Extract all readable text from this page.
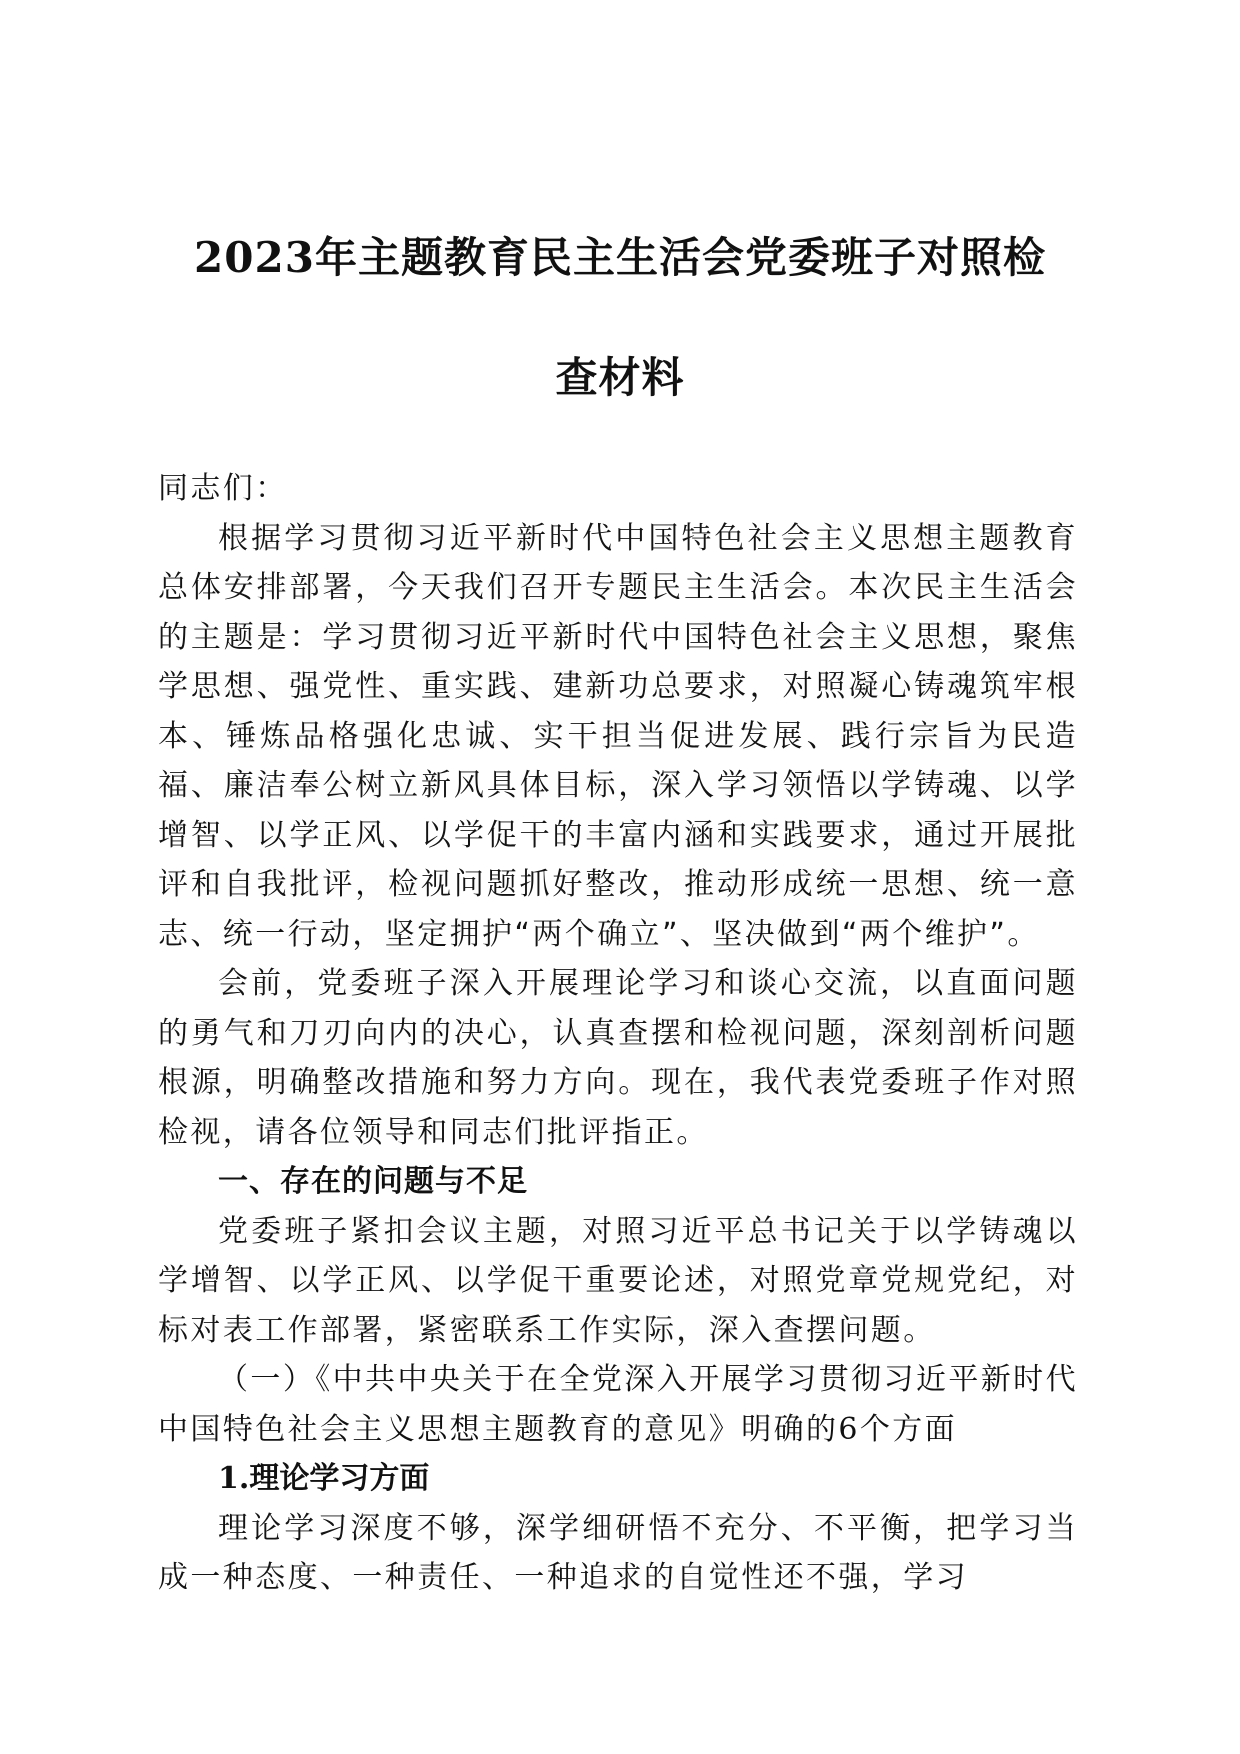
2023年主题教育民主生活会党委班子对照检
查材料

同志们：

根据学习贯彻习近平新时代中国特色社会主义思想主题教育总体安排部署，今天我们召开专题民主生活会。本次民主生活会的主题是：学习贯彻习近平新时代中国特色社会主义思想，聚焦学思想、强党性、重实践、建新功总要求，对照凝心铸魂筑牢根本、锤炼品格强化忠诚、实干担当促进发展、践行宗旨为民造福、廉洁奉公树立新风具体目标，深入学习领悟以学铸魂、以学增智、以学正风、以学促干的丰富内涵和实践要求，通过开展批评和自我批评，检视问题抓好整改，推动形成统一思想、统一意志、统一行动，坚定拥护“两个确立”、坚决做到“两个维护”。

会前，党委班子深入开展理论学习和谈心交流，以直面问题的勇气和刀刃向内的决心，认真查摆和检视问题，深刻剖析问题根源，明确整改措施和努力方向。现在，我代表党委班子作对照检视，请各位领导和同志们批评指正。

一、存在的问题与不足

党委班子紧扣会议主题，对照习近平总书记关于以学铸魂以学增智、以学正风、以学促干重要论述，对照党章党规党纪，对标对表工作部署，紧密联系工作实际，深入查摆问题。

（一）《中共中央关于在全党深入开展学习贯彻习近平新时代中国特色社会主义思想主题教育的意见》明确的6个方面

1.理论学习方面

理论学习深度不够，深学细研悟不充分、不平衡，把学习当成一种态度、一种责任、一种追求的自觉性还不强，学习
